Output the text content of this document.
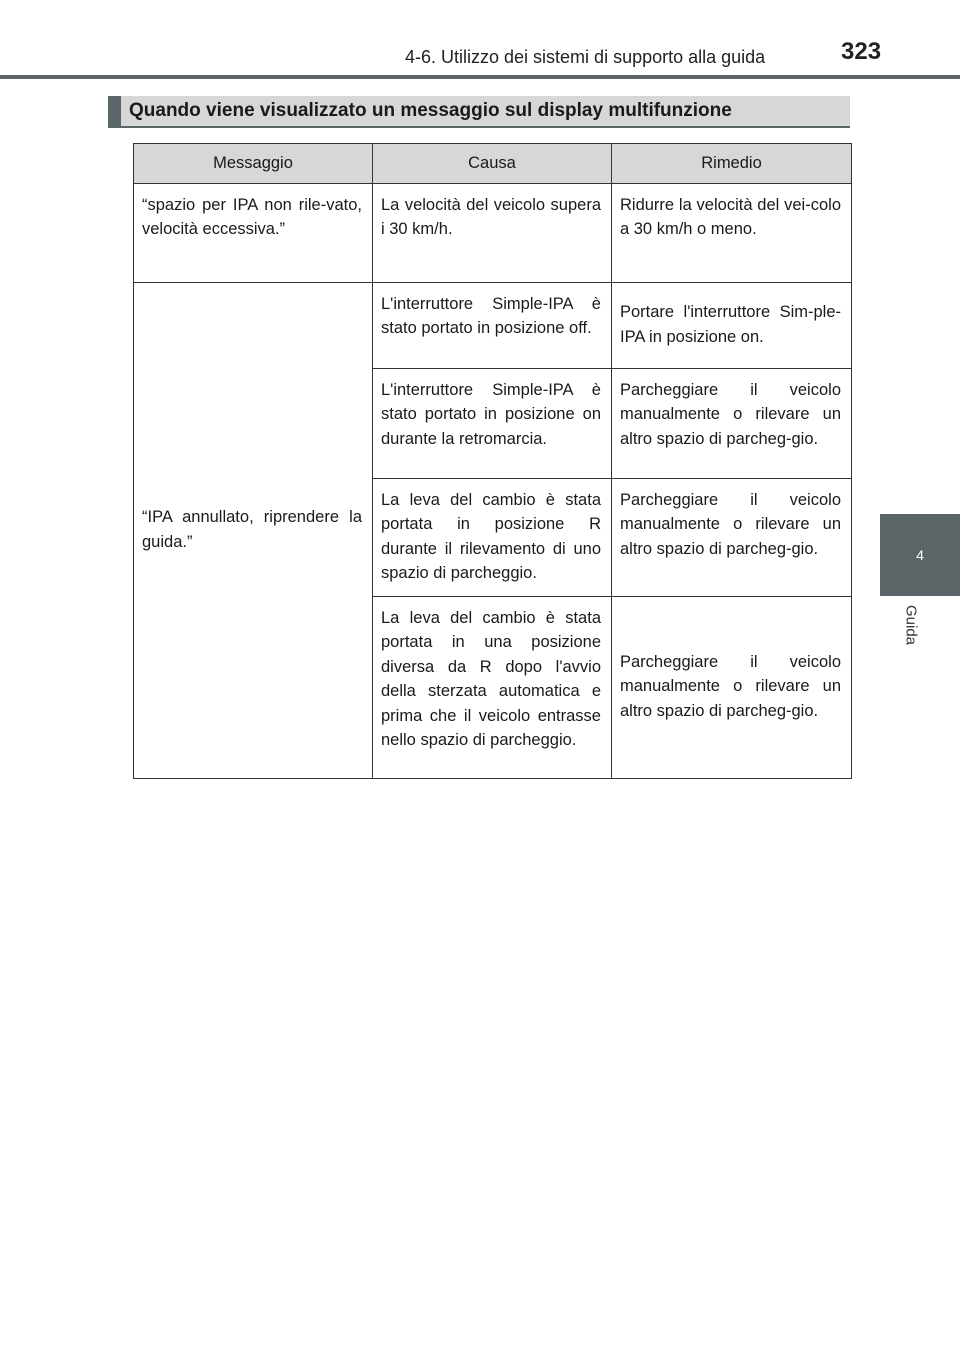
4-6. Utilizzo dei sistemi di supporto alla guida	323
4
Guida
Quando viene visualizzato un messaggio sul display multifunzione
Messaggio	Causa	Rimedio
“spazio per IPA non rile-vato, velocità eccessiva.”	La velocità del veicolo supera i 30 km/h.	Ridurre la velocità del vei-colo a 30 km/h o meno.
“IPA annullato, riprendere la guida.”	L'interruttore Simple-IPA è stato portato in posizione off.	Portare l'interruttore Sim-ple-IPA in posizione on.
	L'interruttore Simple-IPA è stato portato in posizione on durante la retromarcia.	Parcheggiare il veicolo manualmente o rilevare un altro spazio di parcheg-gio.
	La leva del cambio è stata portata in posizione R durante il rilevamento di uno spazio di parcheggio.	Parcheggiare il veicolo manualmente o rilevare un altro spazio di parcheg-gio.
	La leva del cambio è stata portata in una posizione diversa da R dopo l'avvio della sterzata automatica e prima che il veicolo entrasse nello spazio di parcheggio.	Parcheggiare il veicolo manualmente o rilevare un altro spazio di parcheg-gio.
